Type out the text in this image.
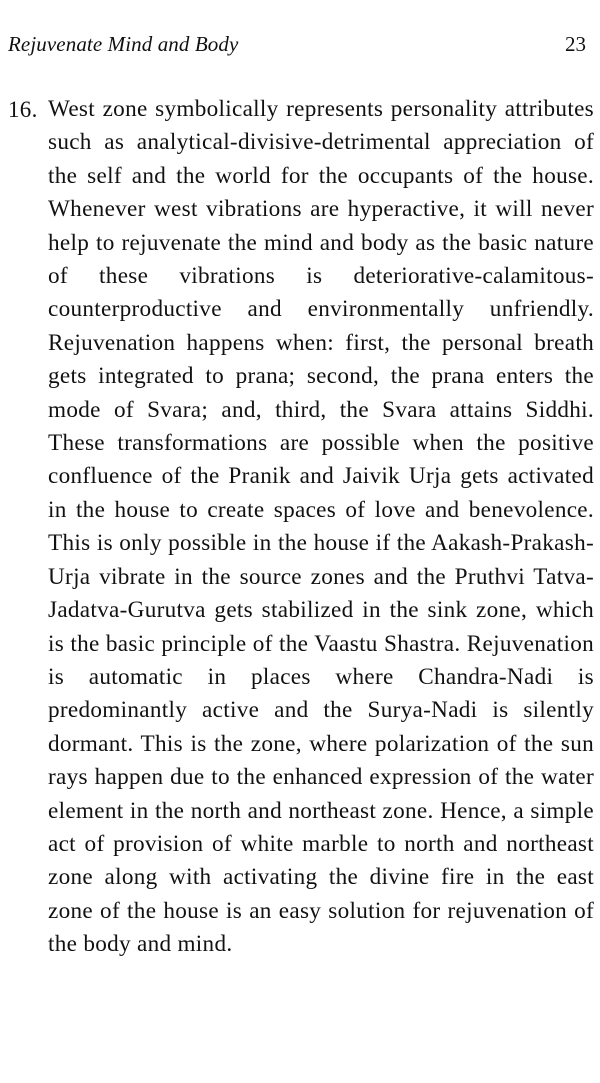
Rejuvenate Mind and Body	23
16. West zone symbolically represents personality attributes such as analytical-divisive-detrimental appreciation of the self and the world for the occupants of the house. Whenever west vibrations are hyperactive, it will never help to rejuvenate the mind and body as the basic nature of these vibrations is deteriorative-calamitous-counterproductive and environmentally unfriendly. Rejuvenation happens when: first, the personal breath gets integrated to prana; second, the prana enters the mode of Svara; and, third, the Svara attains Siddhi. These transformations are possible when the positive confluence of the Pranik and Jaivik Urja gets activated in the house to create spaces of love and benevolence. This is only possible in the house if the Aakash-Prakash-Urja vibrate in the source zones and the Pruthvi Tatva-Jadatva-Gurutva gets stabilized in the sink zone, which is the basic principle of the Vaastu Shastra. Rejuvenation is automatic in places where Chandra-Nadi is predominantly active and the Surya-Nadi is silently dormant. This is the zone, where polarization of the sun rays happen due to the enhanced expression of the water element in the north and northeast zone. Hence, a simple act of provision of white marble to north and northeast zone along with activating the divine fire in the east zone of the house is an easy solution for rejuvenation of the body and mind.
